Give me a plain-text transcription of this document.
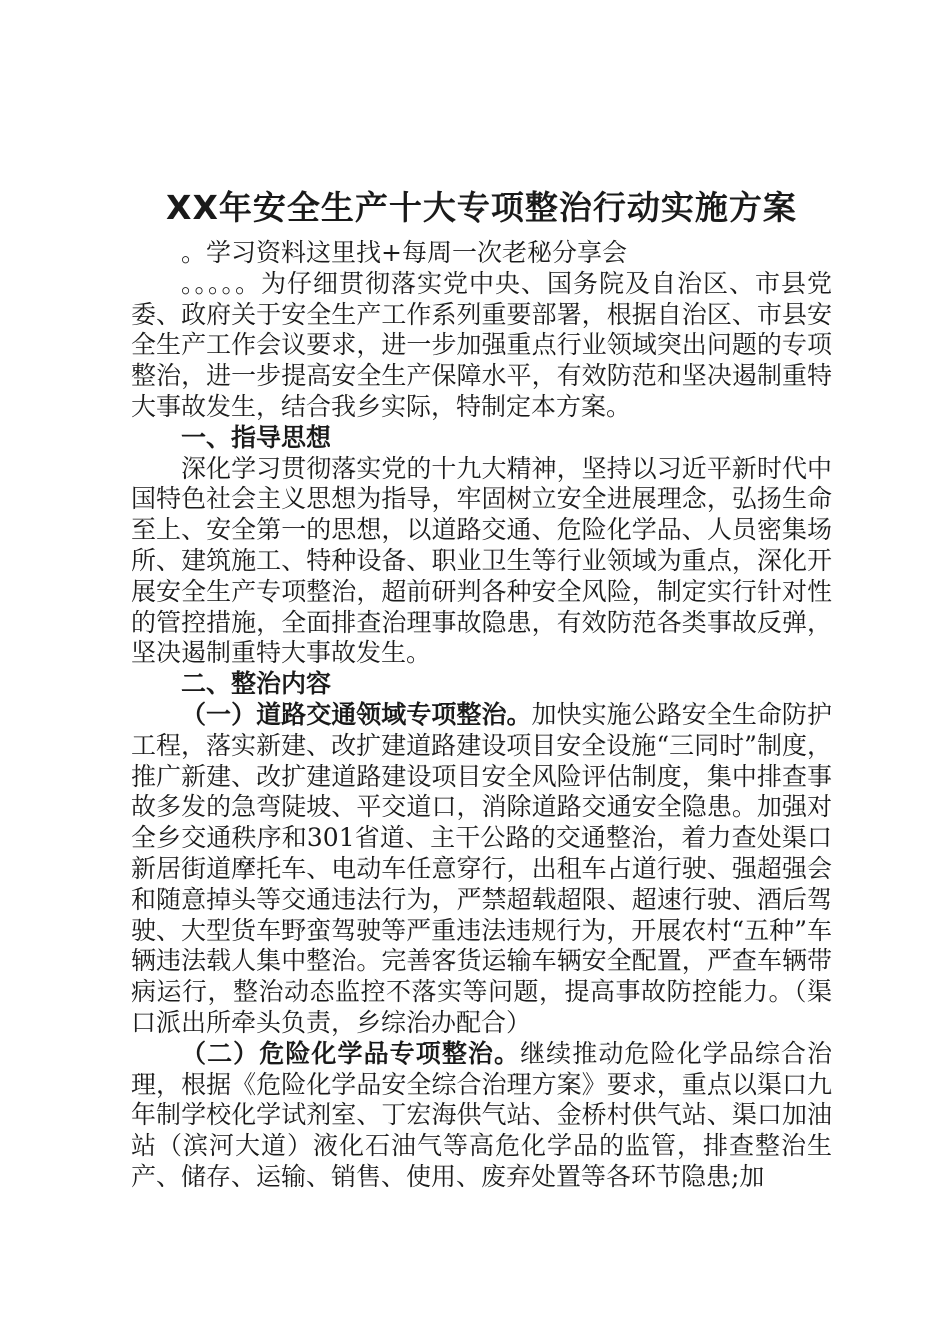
XX年安全生产十大专项整治行动实施方案

。学习资料这里找+每周一次老秘分享会

。。。。。为仔细贯彻落实党中央、国务院及自治区、市县党委、政府关于安全生产工作系列重要部署，根据自治区、市县安全生产工作会议要求，进一步加强重点行业领域突出问题的专项整治，进一步提高安全生产保障水平，有效防范和坚决遏制重特大事故发生，结合我乡实际，特制定本方案。

一、指导思想

深化学习贯彻落实党的十九大精神，坚持以习近平新时代中国特色社会主义思想为指导，牢固树立安全进展理念，弘扬生命至上、安全第一的思想，以道路交通、危险化学品、人员密集场所、建筑施工、特种设备、职业卫生等行业领域为重点，深化开展安全生产专项整治，超前研判各种安全风险，制定实行针对性的管控措施，全面排查治理事故隐患，有效防范各类事故反弹，坚决遏制重特大事故发生。

二、整治内容

（一）道路交通领域专项整治。加快实施公路安全生命防护工程，落实新建、改扩建道路建设项目安全设施“三同时”制度，推广新建、改扩建道路建设项目安全风险评估制度，集中排查事故多发的急弯陡坡、平交道口，消除道路交通安全隐患。加强对全乡交通秩序和301省道、主干公路的交通整治，着力查处渠口新居街道摩托车、电动车任意穿行，出租车占道行驶、强超强会和随意掉头等交通违法行为，严禁超载超限、超速行驶、酒后驾驶、大型货车野蛮驾驶等严重违法违规行为，开展农村“五种”车辆违法载人集中整治。完善客货运输车辆安全配置，严查车辆带病运行，整治动态监控不落实等问题，提高事故防控能力。（渠口派出所牵头负责，乡综治办配合）

（二）危险化学品专项整治。继续推动危险化学品综合治理，根据《危险化学品安全综合治理方案》要求，重点以渠口九年制学校化学试剂室、丁宏海供气站、金桥村供气站、渠口加油站（滨河大道）液化石油气等高危化学品的监管，排查整治生产、储存、运输、销售、使用、废弃处置等各环节隐患;加
